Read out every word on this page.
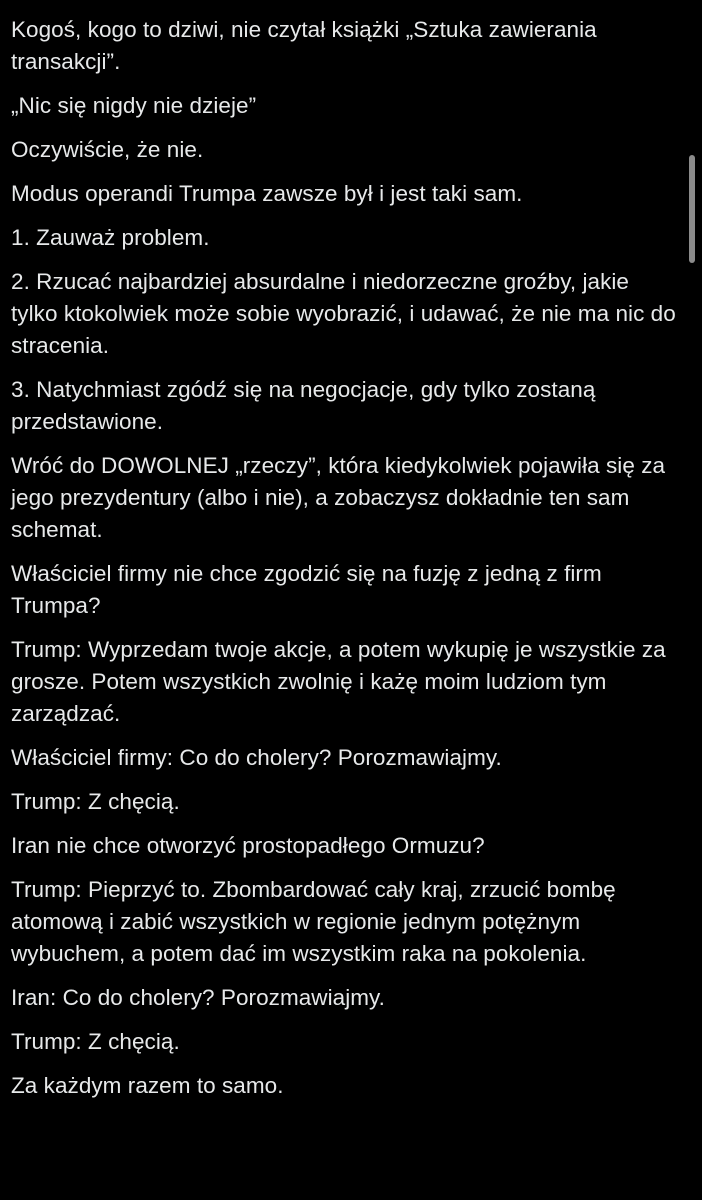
Kogoś, kogo to dziwi, nie czytał książki „Sztuka zawierania transakcji”.

„Nic się nigdy nie dzieje”

Oczywiście, że nie.

Modus operandi Trumpa zawsze był i jest taki sam.

1. Zauważ problem.

2. Rzucać najbardziej absurdalne i niedorzeczne groźby, jakie tylko ktokolwiek może sobie wyobrazić, i udawać, że nie ma nic do stracenia.

3. Natychmiast zgódź się na negocjacje, gdy tylko zostaną przedstawione.

Wróć do DOWOLNEJ „rzeczy”, która kiedykolwiek pojawiła się za jego prezydentury (albo i nie), a zobaczysz dokładnie ten sam schemat.

Właściciel firmy nie chce zgodzić się na fuzję z jedną z firm Trumpa?

Trump: Wyprzedam twoje akcje, a potem wykupię je wszystkie za grosze. Potem wszystkich zwolnię i każę moim ludziom tym zarządzać.

Właściciel firmy: Co do cholery? Porozmawiajmy.

Trump: Z chęcią.

Iran nie chce otworzyć prostopadłego Ormuzu?

Trump: Pieprzyć to. Zbombardować cały kraj, zrzucić bombę atomową i zabić wszystkich w regionie jednym potężnym wybuchem, a potem dać im wszystkim raka na pokolenia.

Iran: Co do cholery? Porozmawiajmy.

Trump: Z chęcią.

Za każdym razem to samo.
